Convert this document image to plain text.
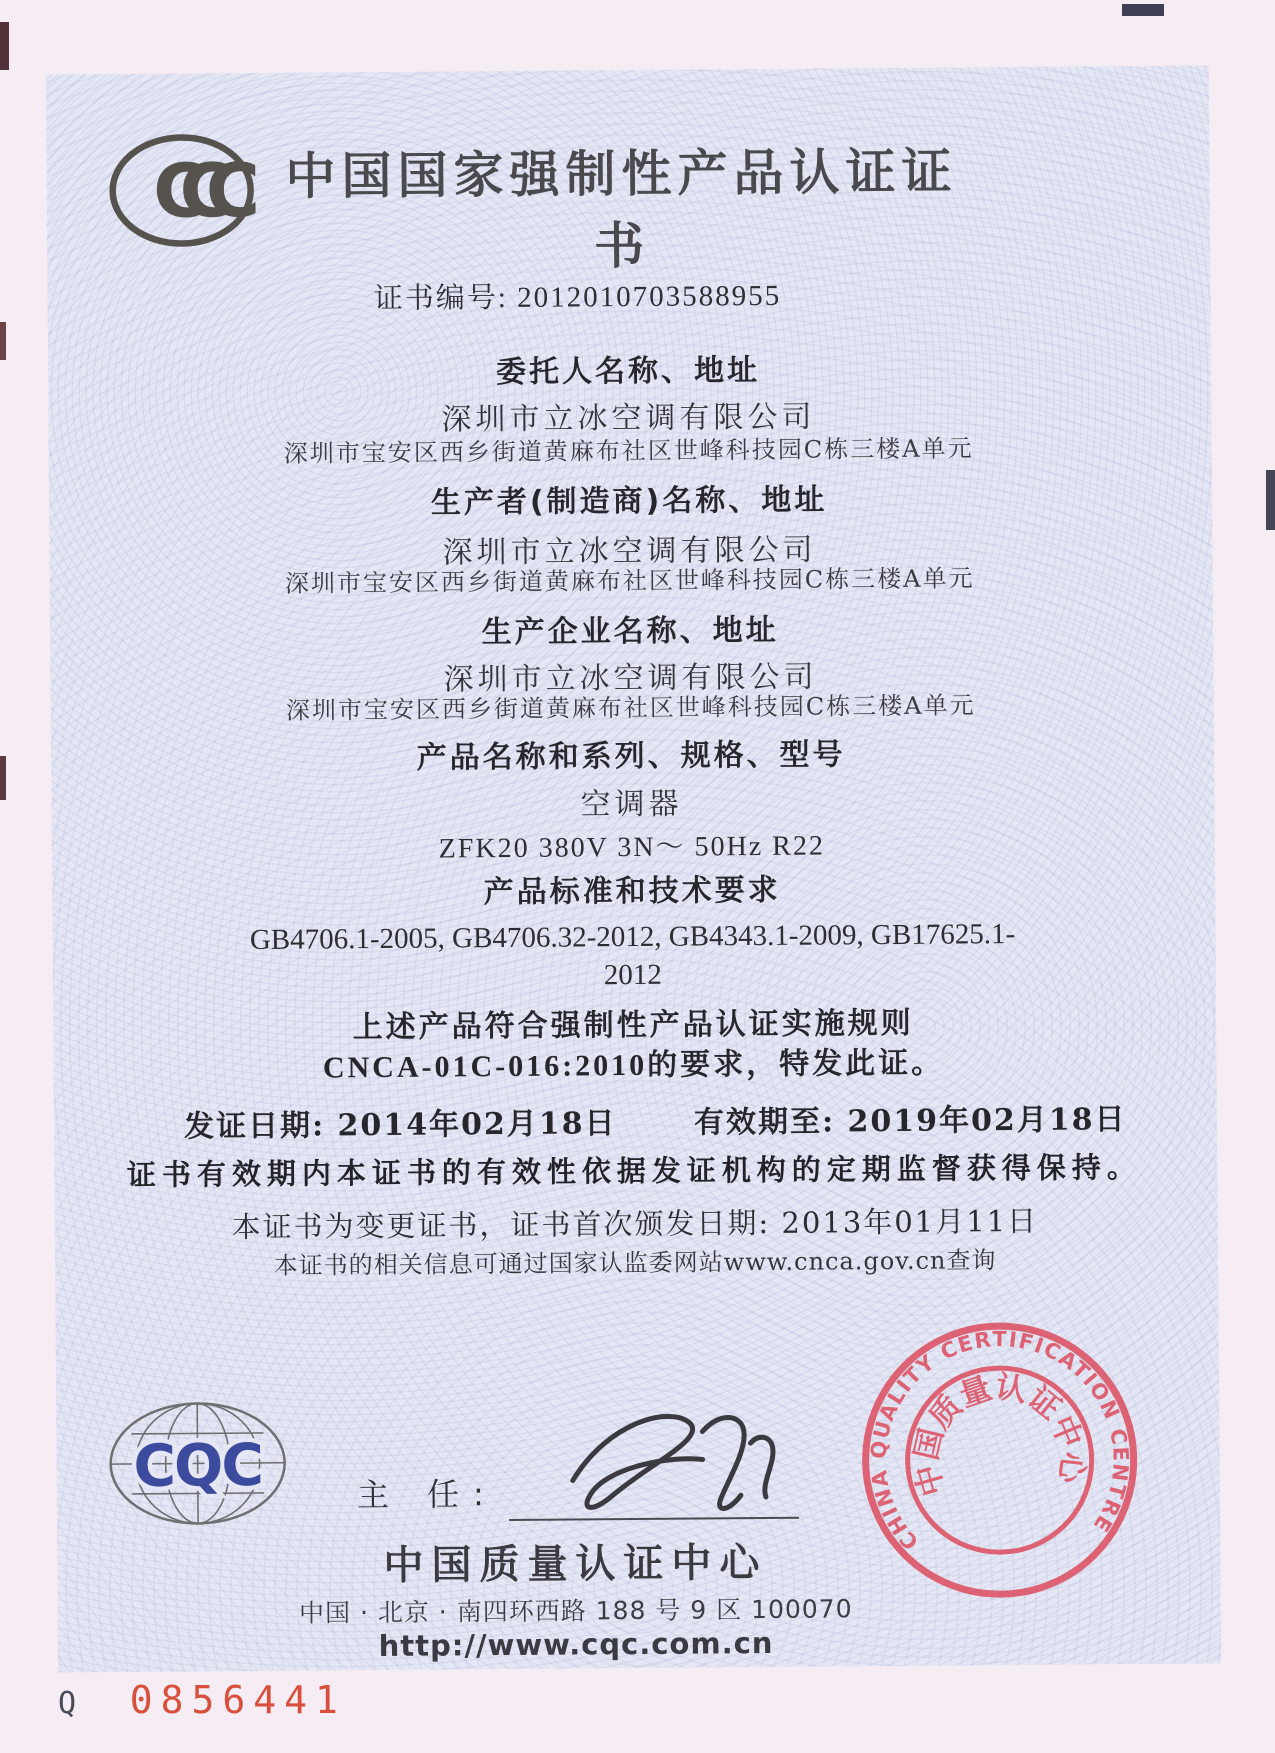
CCC	中国国家强制性产品认证证书
证书编号: 2012010703588955
委托人名称、地址
深圳市立冰空调有限公司
深圳市宝安区西乡街道黄麻布社区世峰科技园C栋三楼A单元
生产者(制造商)名称、地址
深圳市立冰空调有限公司
深圳市宝安区西乡街道黄麻布社区世峰科技园C栋三楼A单元
生产企业名称、地址
深圳市立冰空调有限公司
深圳市宝安区西乡街道黄麻布社区世峰科技园C栋三楼A单元
产品名称和系列、规格、型号
空调器
ZFK20 380V 3N～ 50Hz R22
产品标准和技术要求
GB4706.1-2005, GB4706.32-2012, GB4343.1-2009, GB17625.1-
2012
上述产品符合强制性产品认证实施规则
CNCA-01C-016:2010的要求，特发此证。
发证日期: 2014年02月18日	有效期至: 2019年02月18日
证书有效期内本证书的有效性依据发证机构的定期监督获得保持。
本证书为变更证书，证书首次颁发日期: 2013年01月11日
本证书的相关信息可通过国家认监委网站www.cnca.gov.cn查询
CQC	主 任:
中国质量认证中心
中国 · 北京 · 南四环西路 188 号 9 区 100070
http://www.cqc.com.cn
CHINA QUALITY CERTIFICATION CENTRE
中国质量认证中心
Q 0856441
